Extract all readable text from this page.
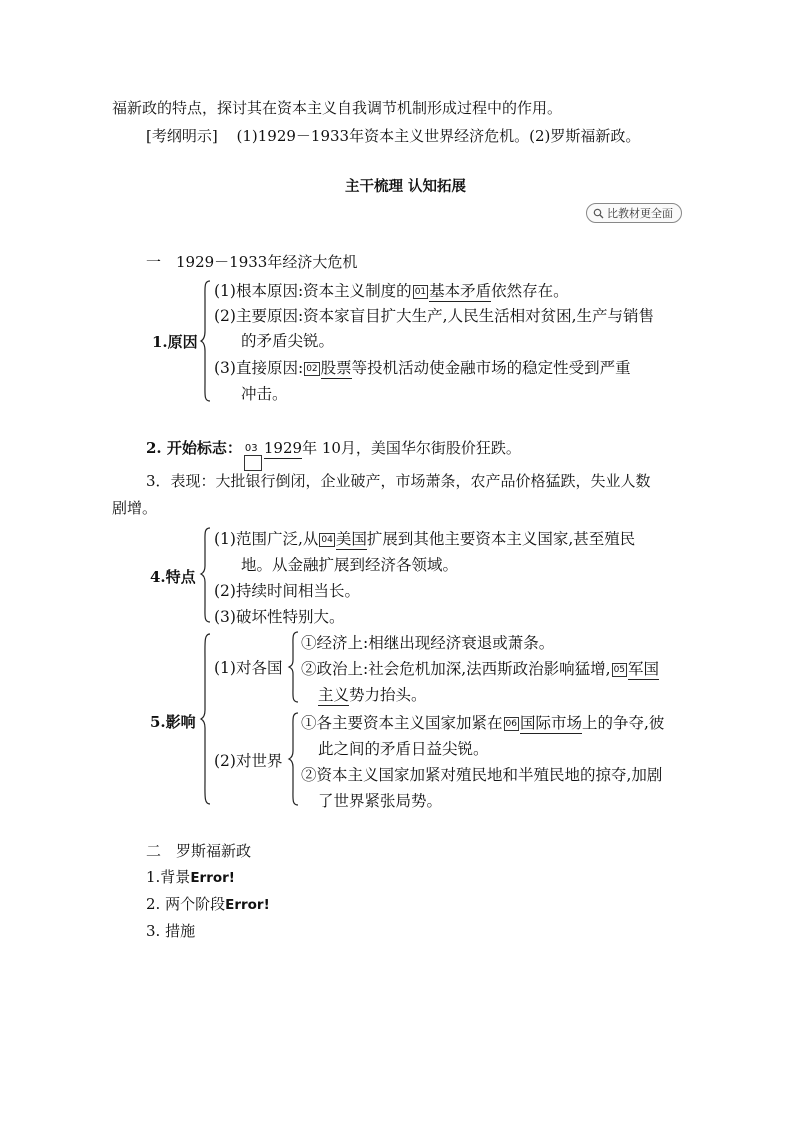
福新政的特点，探讨其在资本主义自我调节机制形成过程中的作用。
[考纲明示] (1)1929－1933年资本主义世界经济危机。(2)罗斯福新政。
主干梳理 认知拓展
比教材更全面
一　1929－1933年经济大危机
1.原因
(1)根本原因:资本主义制度的 01 基本矛盾依然存在。
(2)主要原因:资本家盲目扩大生产,人民生活相对贫困,生产与销售
的矛盾尖锐。
(3)直接原因: 02 股票等投机活动使金融市场的稳定性受到严重
冲击。
2. 开始标志： 03 1929年 10月，美国华尔街股价狂跌。
3．表现：大批银行倒闭，企业破产，市场萧条，农产品价格猛跌，失业人数
剧增。
4.特点
(1)范围广泛,从 04 美国扩展到其他主要资本主义国家,甚至殖民
地。从金融扩展到经济各领域。
(2)持续时间相当长。
(3)破坏性特别大。
5.影响
(1)对各国
①经济上:相继出现经济衰退或萧条。
②政治上:社会危机加深,法西斯政治影响猛增, 05 军国
主义势力抬头。
(2)对世界
①各主要资本主义国家加紧在 06 国际市场上的争夺,彼
此之间的矛盾日益尖锐。
②资本主义国家加紧对殖民地和半殖民地的掠夺,加剧
了世界紧张局势。
二　罗斯福新政
1.背景Error!
2. 两个阶段Error!
3. 措施
